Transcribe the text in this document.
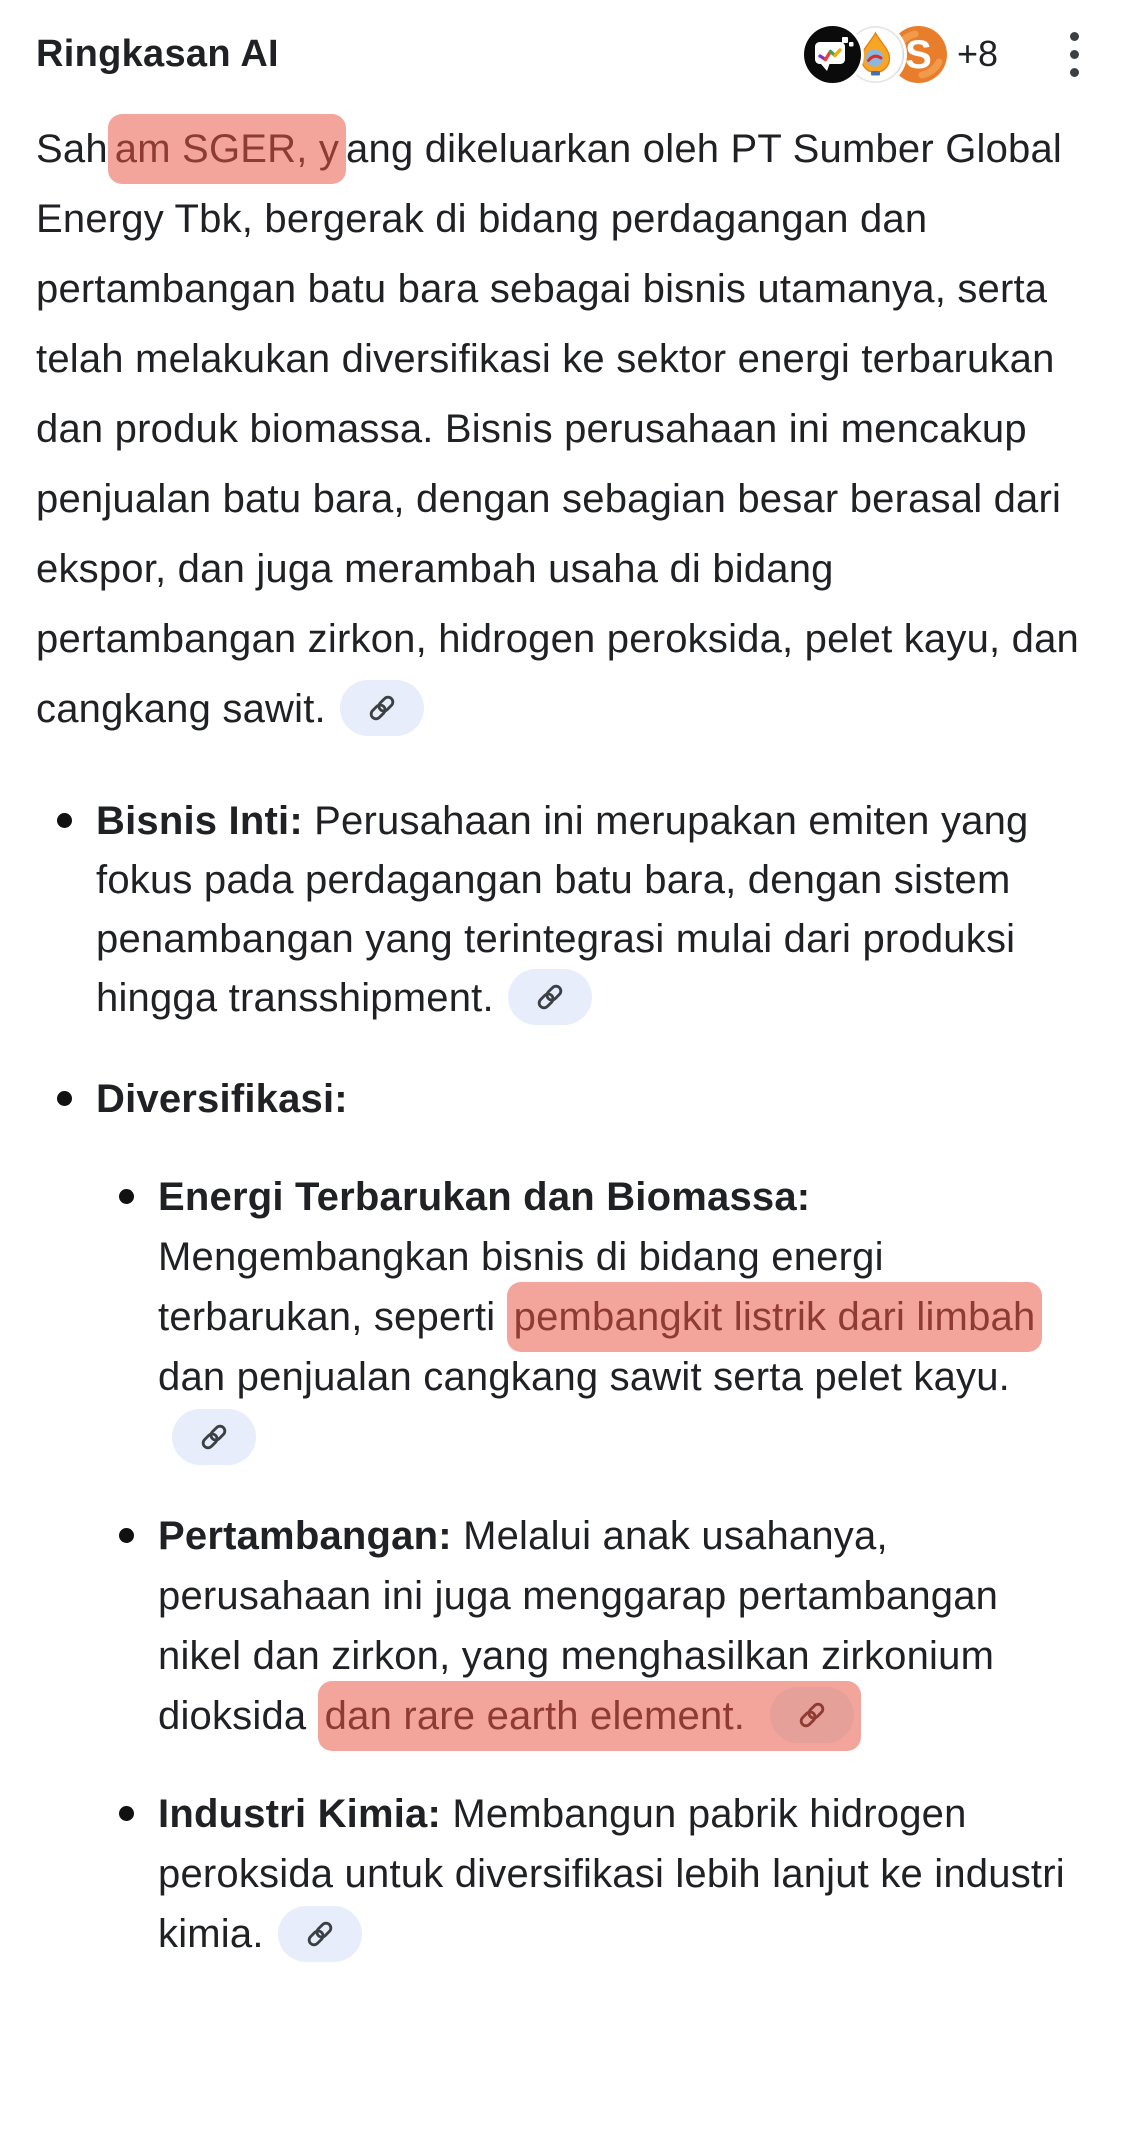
Ringkasan AI	S +8

Sah am SGER, y ang dikeluarkan oleh PT Sumber Global Energy Tbk, bergerak di bidang perdagangan dan pertambangan batu bara sebagai bisnis utamanya, serta telah melakukan diversifikasi ke sektor energi terbarukan dan produk biomassa. Bisnis perusahaan ini mencakup penjualan batu bara, dengan sebagian besar berasal dari ekspor, dan juga merambah usaha di bidang pertambangan zirkon, hidrogen peroksida, pelet kayu, dan cangkang sawit.

Bisnis Inti: Perusahaan ini merupakan emiten yang fokus pada perdagangan batu bara, dengan sistem penambangan yang terintegrasi mulai dari produksi hingga transshipment.
Diversifikasi:
Energi Terbarukan dan Biomassa: Mengembangkan bisnis di bidang energi terbarukan, seperti pembangkit listrik dari limbah dan penjualan cangkang sawit serta pelet kayu.
Pertambangan: Melalui anak usahanya, perusahaan ini juga menggarap pertambangan nikel dan zirkon, yang menghasilkan zirkonium dioksida dan rare earth element.
Industri Kimia: Membangun pabrik hidrogen peroksida untuk diversifikasi lebih lanjut ke industri kimia.
